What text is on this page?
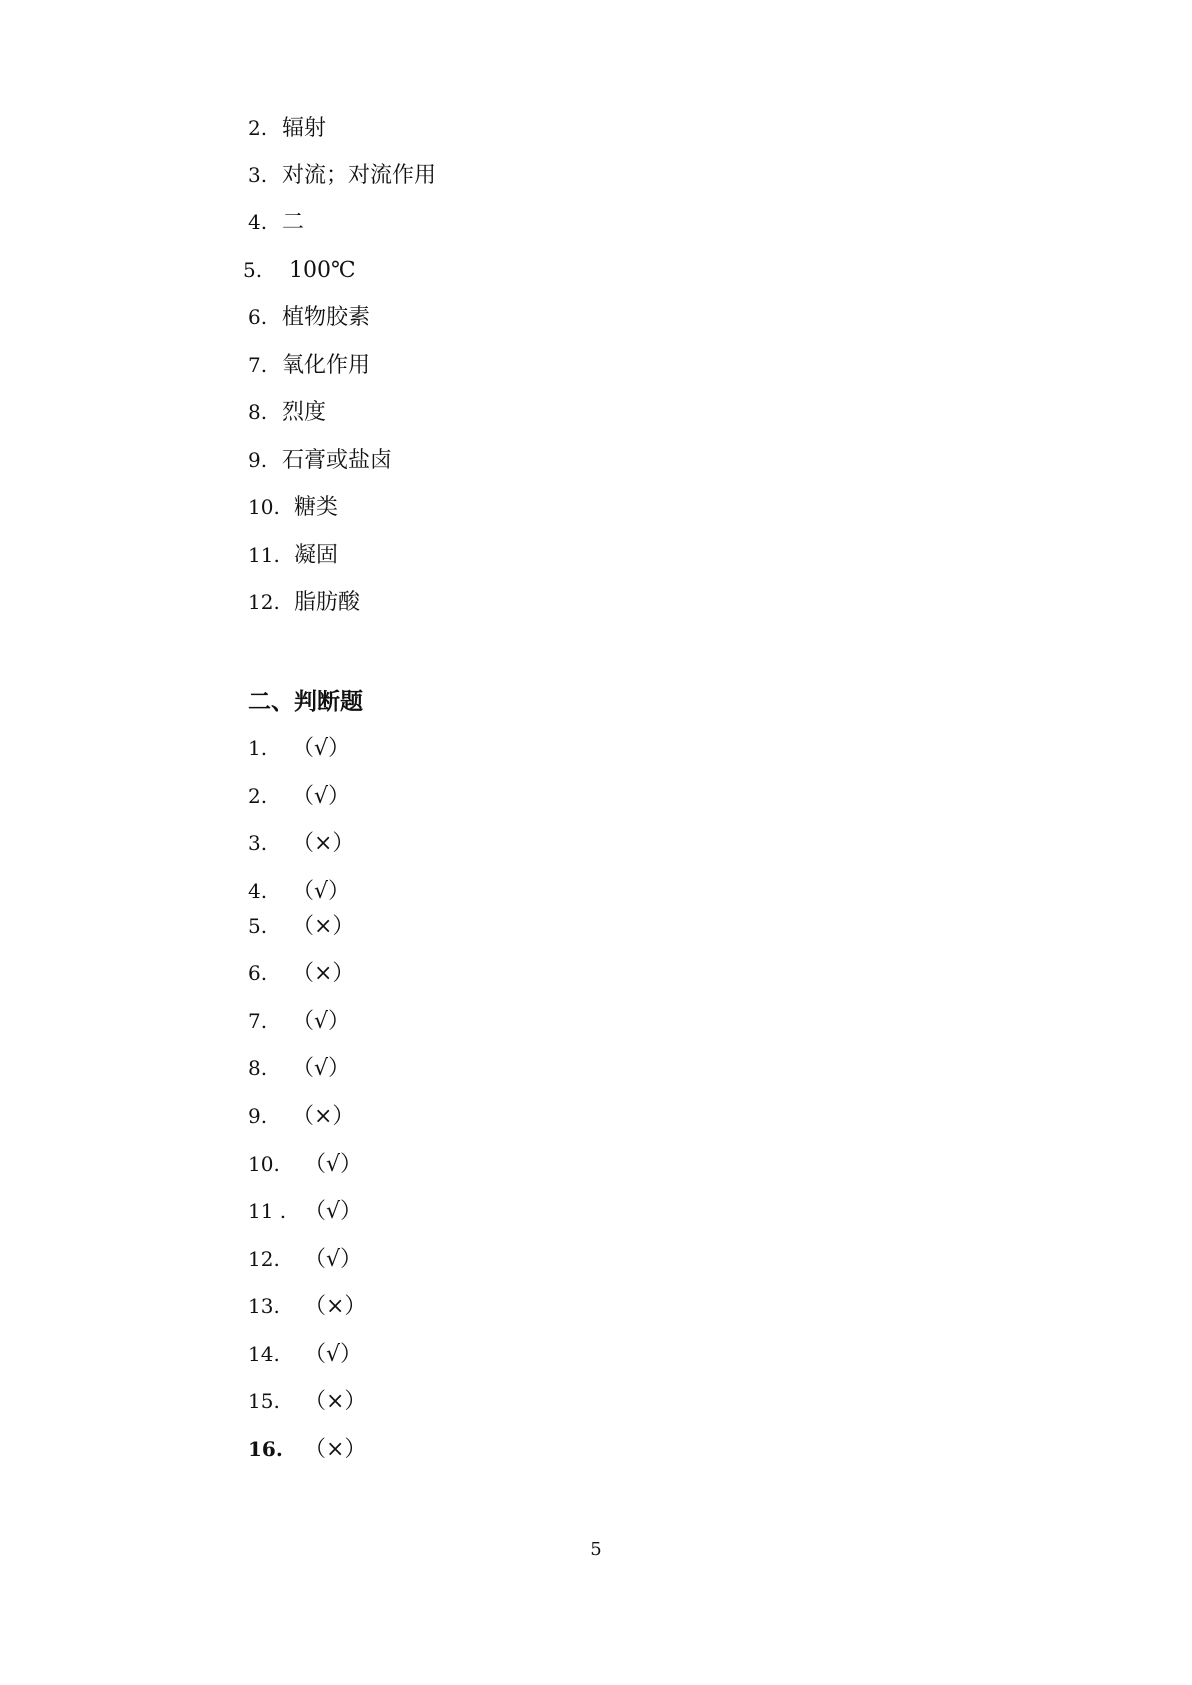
2. 辐射
3. 对流；对流作用
4. 二
5. 100℃
6. 植物胶素
7. 氧化作用
8. 烈度
9. 石膏或盐卤
10. 糖类
11. 凝固
12. 脂肪酸
二、判断题
1. （√）
2. （√）
3. （×）
4. （√）
5. （×）
6. （×）
7. （√）
8. （√）
9. （×）
10. （√）
11 . （√）
12. （√）
13. （×）
14. （√）
15. （×）
16. （×）
5
